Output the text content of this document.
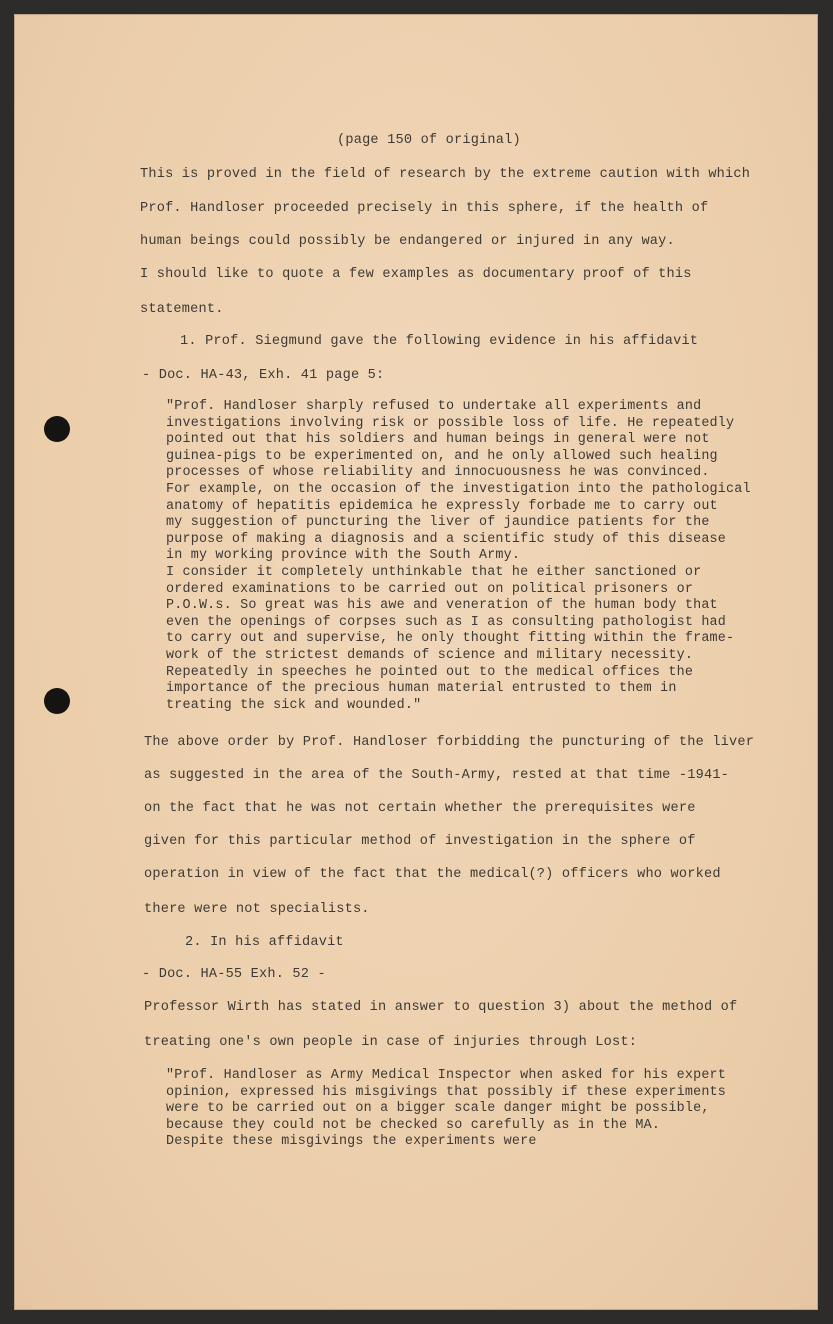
(page 150 of original)
This is proved in the field of research by the extreme caution with which
Prof. Handloser proceeded precisely in this sphere, if the health of
human beings could possibly be endangered or injured in any way.
I should like to quote a few examples as documentary proof of this
statement.
1. Prof. Siegmund gave the following evidence in his affidavit
- Doc. HA-43, Exh. 41 page 5:
"Prof. Handloser sharply refused to undertake all experiments and
investigations involving risk or possible loss of life. He repeatedly
pointed out that his soldiers and human beings in general were not
guinea-pigs to be experimented on, and he only allowed such healing
processes of whose reliability and innocuousness he was convinced.
For example, on the occasion of the investigation into the pathological
anatomy of hepatitis epidemica he expressly forbade me to carry out
my suggestion of puncturing the liver of jaundice patients for the
purpose of making a diagnosis and a scientific study of this disease
in my working province with the South Army.
I consider it completely unthinkable that he either sanctioned or
ordered examinations to be carried out on political prisoners or
P.O.W.s. So great was his awe and veneration of the human body that
even the openings of corpses such as I as consulting pathologist had
to carry out and supervise, he only thought fitting within the frame-
work of the strictest demands of science and military necessity.
Repeatedly in speeches he pointed out to the medical offices the
importance of the precious human material entrusted to them in
treating the sick and wounded."
The above order by Prof. Handloser forbidding the puncturing of the liver
as suggested in the area of the South-Army, rested at that time -1941-
on the fact that he was not certain whether the prerequisites were
given for this particular method of investigation in the sphere of
operation in view of the fact that the medical(?) officers who worked
there were not specialists.
2. In his affidavit
- Doc. HA-55 Exh. 52 -
Professor Wirth has stated in answer to question 3) about the method of
treating one's own people in case of injuries through Lost:
"Prof. Handloser as Army Medical Inspector when asked for his expert
opinion, expressed his misgivings that possibly if these experiments
were to be carried out on a bigger scale danger might be possible,
because they could not be checked so carefully as in the MA.
Despite these misgivings the experiments were
